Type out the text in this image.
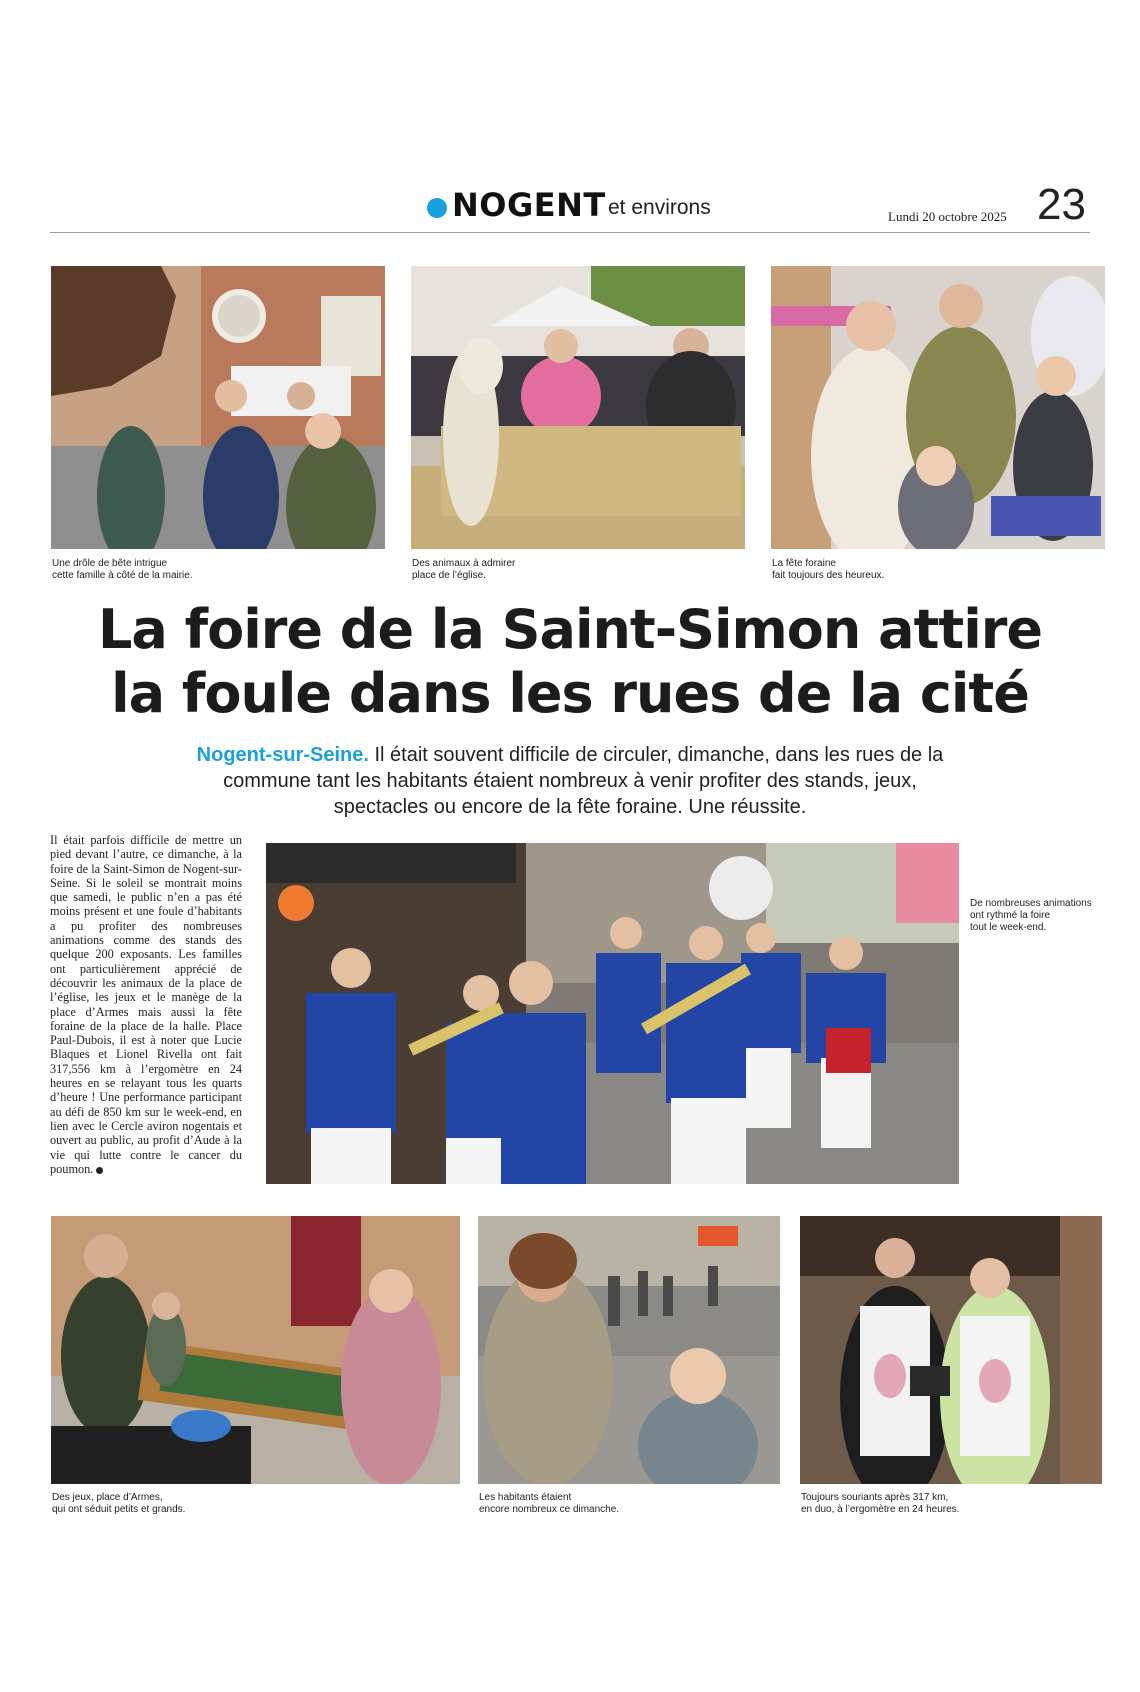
NOGENT et environs	Lundi 20 octobre 2025 23
Une drôle de bête intrigue
cette famille à côté de la mairie.
Des animaux à admirer
place de l’église.
La fête foraine
fait toujours des heureux.
La foire de la Saint-Simon attire
la foule dans les rues de la cité
Nogent-sur-Seine. Il était souvent difficile de circuler, dimanche, dans les rues de la commune tant les habitants étaient nombreux à venir profiter des stands, jeux, spectacles ou encore de la fête foraine. Une réussite.
Il était parfois difficile de mettre un pied devant l’autre, ce dimanche, à la foire de la Saint-Simon de Nogent-sur-Seine. Si le soleil se montrait moins que samedi, le public n’en a pas été moins présent et une foule d’habitants a pu profiter des nombreuses animations comme des stands des quelque 200 exposants. Les familles ont particulièrement apprécié de découvrir les animaux de la place de l’église, les jeux et le manège de la place d’Armes mais aussi la fête foraine de la place de la halle. Place Paul-Dubois, il est à noter que Lucie Blaques et Lionel Rivella ont fait 317,556 km à l’ergomètre en 24 heures en se relayant tous les quarts d’heure ! Une performance participant au défi de 850 km sur le week-end, en lien avec le Cercle aviron nogentais et ouvert au public, au profit d’Aude à la vie qui lutte contre le cancer du poumon.
De nombreuses animations
ont rythmé la foire
tout le week-end.
Des jeux, place d’Armes,
qui ont séduit petits et grands.
Les habitants étaient
encore nombreux ce dimanche.
Toujours souriants après 317 km,
en duo, à l’ergomètre en 24 heures.
